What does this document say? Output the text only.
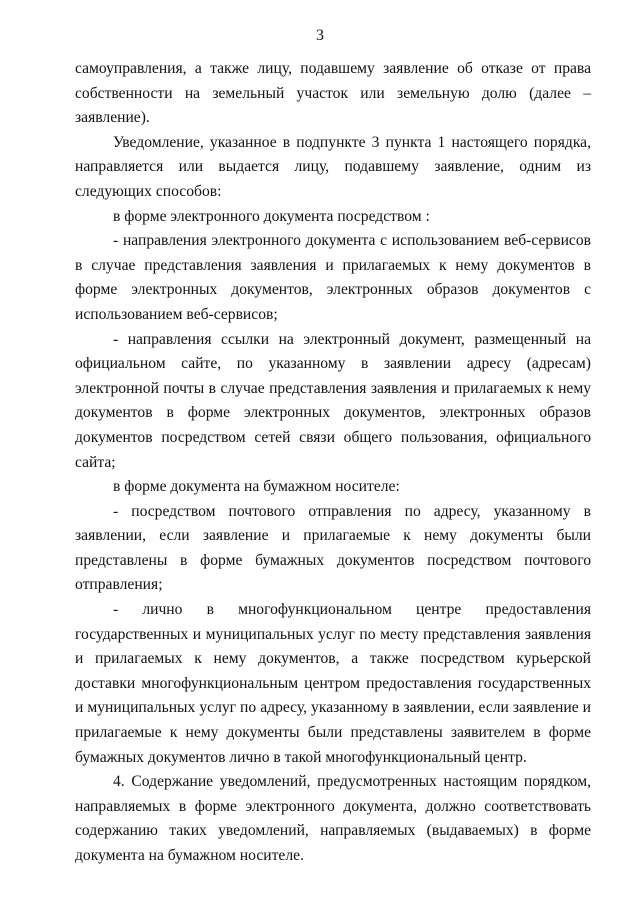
3

самоуправления, а также лицу, подавшему заявление об отказе от права собственности на земельный участок или земельную долю (далее – заявление).

Уведомление, указанное в подпункте 3 пункта 1 настоящего порядка, направляется или выдается лицу, подавшему заявление, одним из следующих способов:

в форме электронного документа посредством :

- направления электронного документа с использованием веб-сервисов в случае представления заявления и прилагаемых к нему документов в форме электронных документов, электронных образов документов с использованием веб-сервисов;

- направления ссылки на электронный документ, размещенный на официальном сайте, по указанному в заявлении адресу (адресам) электронной почты в случае представления заявления и прилагаемых к нему документов в форме электронных документов, электронных образов документов посредством сетей связи общего пользования, официального сайта;

в форме документа на бумажном носителе:

- посредством почтового отправления по адресу, указанному в заявлении, если заявление и прилагаемые к нему документы были представлены в форме бумажных документов посредством почтового отправления;

- лично в многофункциональном центре предоставления государственных и муниципальных услуг по месту представления заявления и прилагаемых к нему документов, а также посредством курьерской доставки многофункциональным центром предоставления государственных и муниципальных услуг по адресу, указанному в заявлении, если заявление и прилагаемые к нему документы были представлены заявителем в форме бумажных документов лично в такой многофункциональный центр.

4. Содержание уведомлений, предусмотренных настоящим порядком, направляемых в форме электронного документа, должно соответствовать содержанию таких уведомлений, направляемых (выдаваемых) в форме документа на бумажном носителе.
